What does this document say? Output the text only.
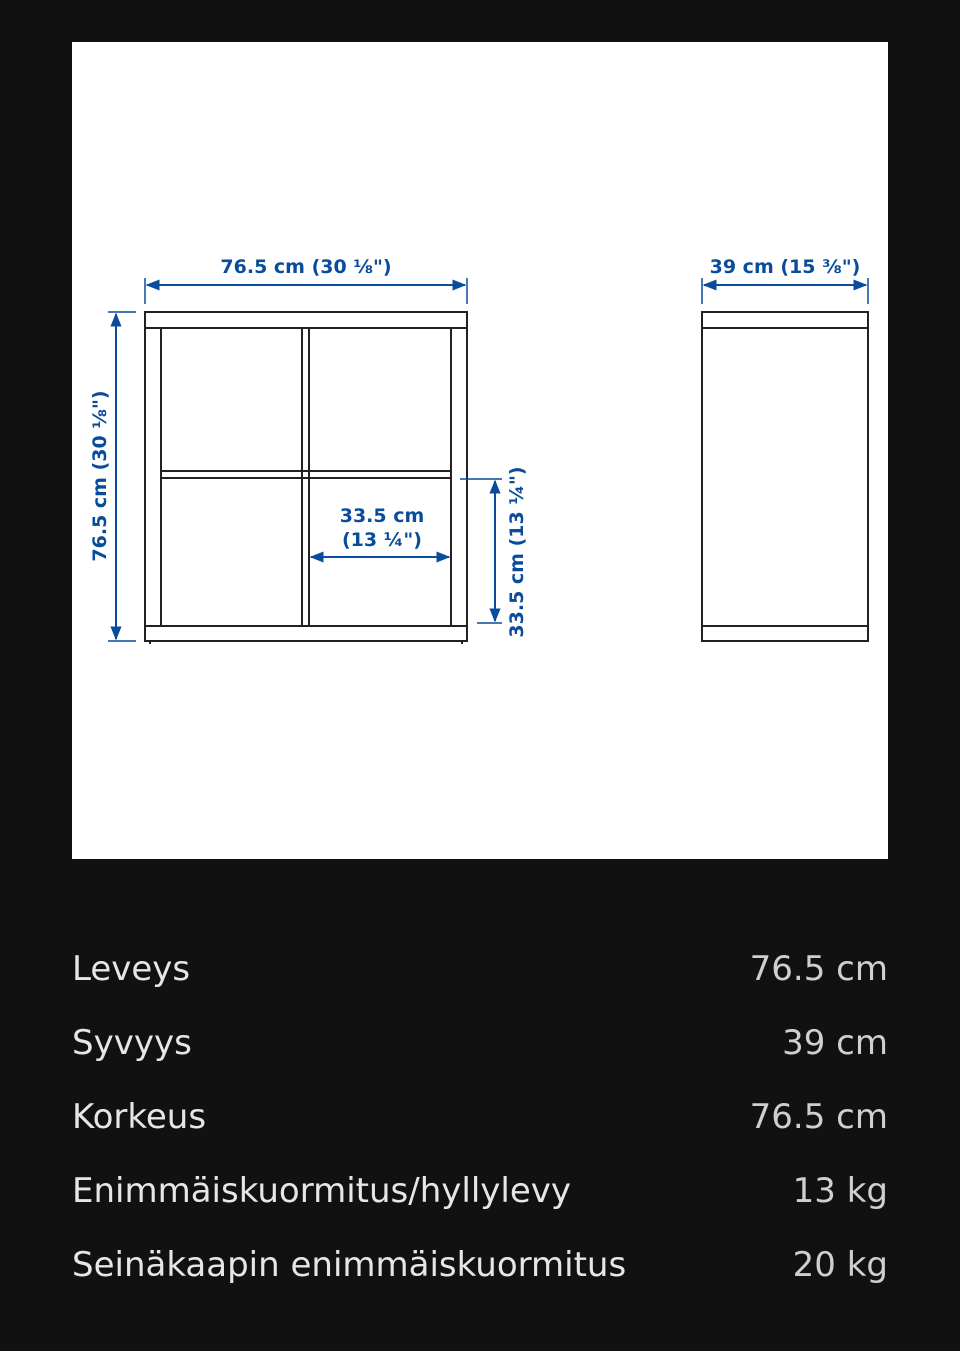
76.5 cm (30 ⅛")
76.5 cm (30 ⅛")	33.5 cm
(13 ¼")	33.5 cm (13 ¼")
39 cm (15 ⅜")
Leveys	76.5 cm
Syvyys	39 cm
Korkeus	76.5 cm
Enimmäiskuormitus/hyllylevy	13 kg
Seinäkaapin enimmäiskuormitus	20 kg
